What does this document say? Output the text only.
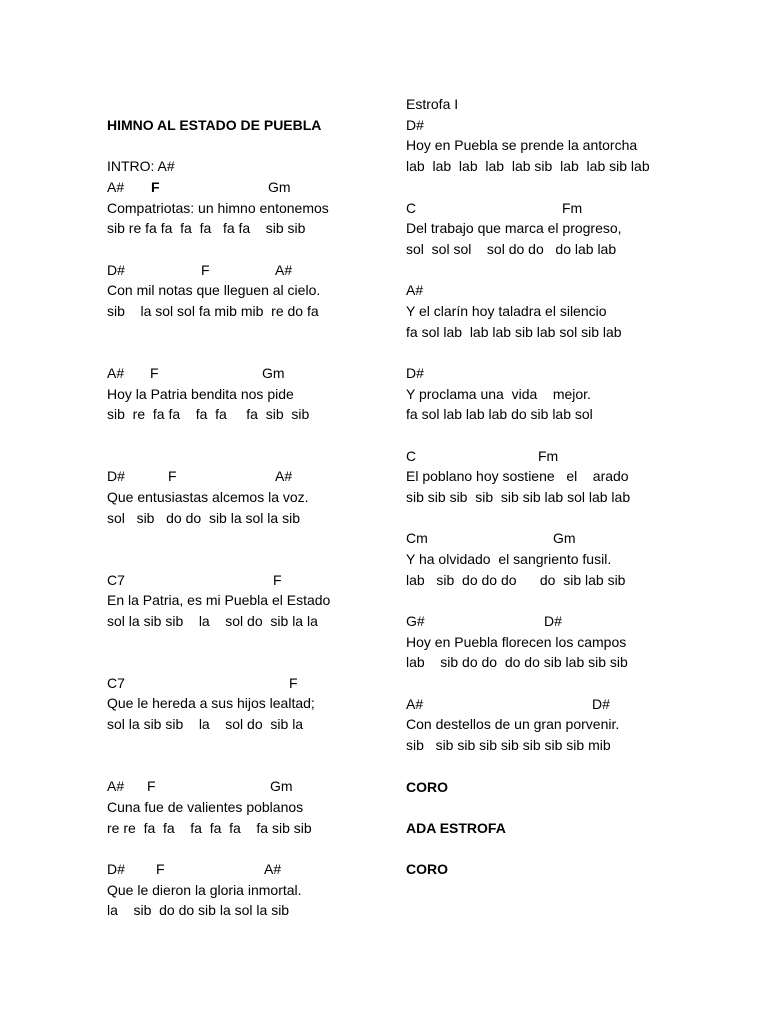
HIMNO AL ESTADO DE PUEBLA
INTRO: A#

A#

F

	Gm

Compatriotas: un himno entonemos
sib re fa fa  fa  fa   fa fa    sib sib

D#

	F

	A#

Con mil notas que lleguen al cielo.
sib    la sol sol fa mib mib  re do fa

A#

F

	Gm

Hoy la Patria bendita nos pide
sib  re  fa fa    fa  fa     fa  sib  sib

D#

	F

	A#

Que entusiastas alcemos la voz.
sol   sib   do do  sib la sol la sib

C7

	F

En la Patria, es mi Puebla el Estado
sol la sib sib    la    sol do  sib la la

C7

	F

Que le hereda a sus hijos lealtad;
sol la sib sib    la    sol do  sib la

A#

F

	Gm

Cuna fue de valientes poblanos
re re  fa  fa    fa  fa  fa    fa sib sib

D#

F

	A#

Que le dieron la gloria inmortal.
la    sib  do do sib la sol la sib
Estrofa I

D#

Hoy en Puebla se prende la antorcha
lab  lab  lab  lab  lab sib  lab  lab sib lab

C

	Fm

Del trabajo que marca el progreso,
sol  sol sol    sol do do   do lab lab

A#

Y el clarín hoy taladra el silencio
fa sol lab  lab lab sib lab sol sib lab

D#

Y proclama una  vida    mejor.
fa sol lab lab lab do sib lab sol

C

	Fm

El poblano hoy sostiene   el    arado
sib sib sib  sib  sib sib lab sol lab lab

Cm

	Gm

Y ha olvidado  el sangriento fusil.
lab   sib  do do do      do  sib lab sib

G#

	D#

Hoy en Puebla florecen los campos
lab    sib do do  do do sib lab sib sib

A#

	D#

Con destellos de un gran porvenir.
sib   sib sib sib sib sib sib sib mib
CORO
ADA ESTROFA
CORO
